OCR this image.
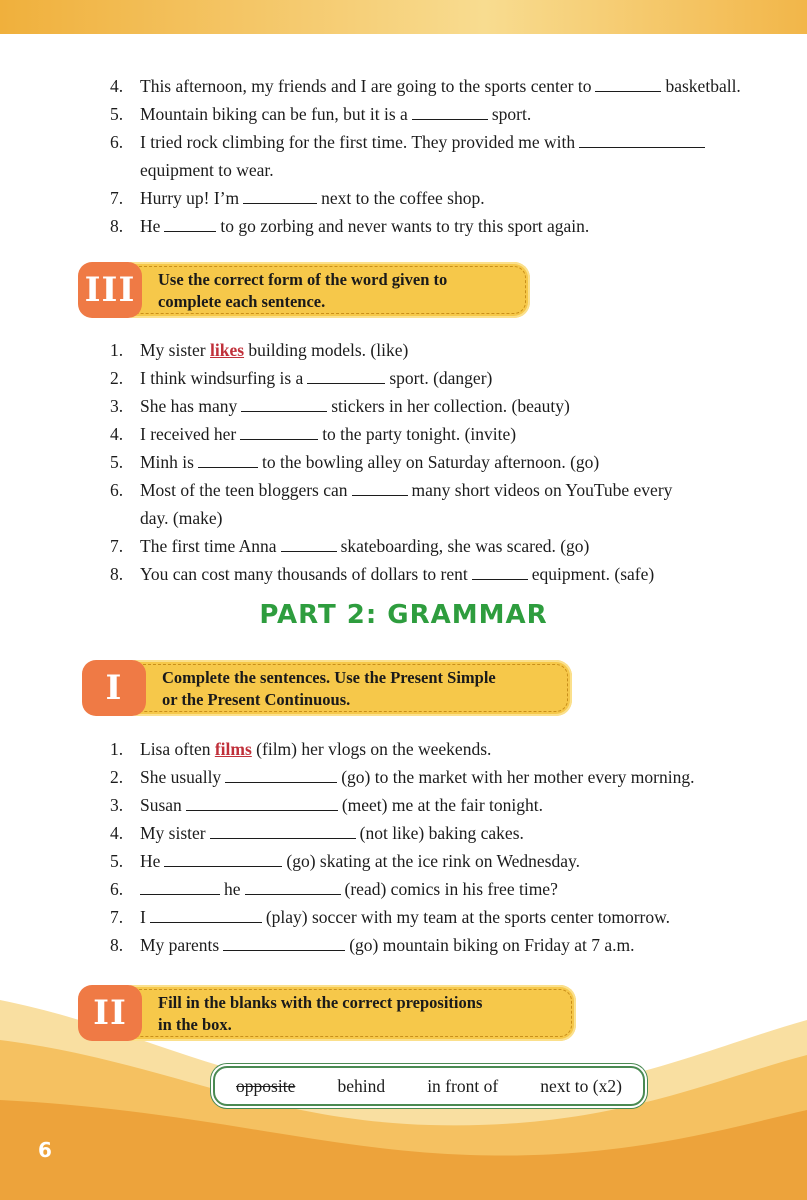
4. This afternoon, my friends and I are going to the sports center to	basketball.
5. Mountain biking can be fun, but it is a	sport.
6. I tried rock climbing for the first time. They provided me with
equipment to wear.
7. Hurry up! I’m	next to the coffee shop.
8. He	to go zorbing and never wants to try this sport again.
III	Use the correct form of the word given to
complete each sentence.
1. My sister likes building models. (like)
2. I think windsurfing is a	sport. (danger)
3. She has many	stickers in her collection. (beauty)
4. I received her	to the party tonight. (invite)
5. Minh is	to the bowling alley on Saturday afternoon. (go)
6. Most of the teen bloggers can	many short videos on YouTube every
day. (make)
7. The first time Anna	skateboarding, she was scared. (go)
8. You can cost many thousands of dollars to rent	equipment. (safe)
PART 2: GRAMMAR
I	Complete the sentences. Use the Present Simple
or the Present Continuous.
1. Lisa often films (film) her vlogs on the weekends.
2. She usually	(go) to the market with her mother every morning.
3. Susan	(meet) me at the fair tonight.
4. My sister	(not like) baking cakes.
5. He	(go) skating at the ice rink on Wednesday.
6.	he	(read) comics in his free time?
7. I	(play) soccer with my team at the sports center tomorrow.
8. My parents	(go) mountain biking on Friday at 7 a.m.
II	Fill in the blanks with the correct prepositions
in the box.
opposite behind in front of next to (x2)
6
